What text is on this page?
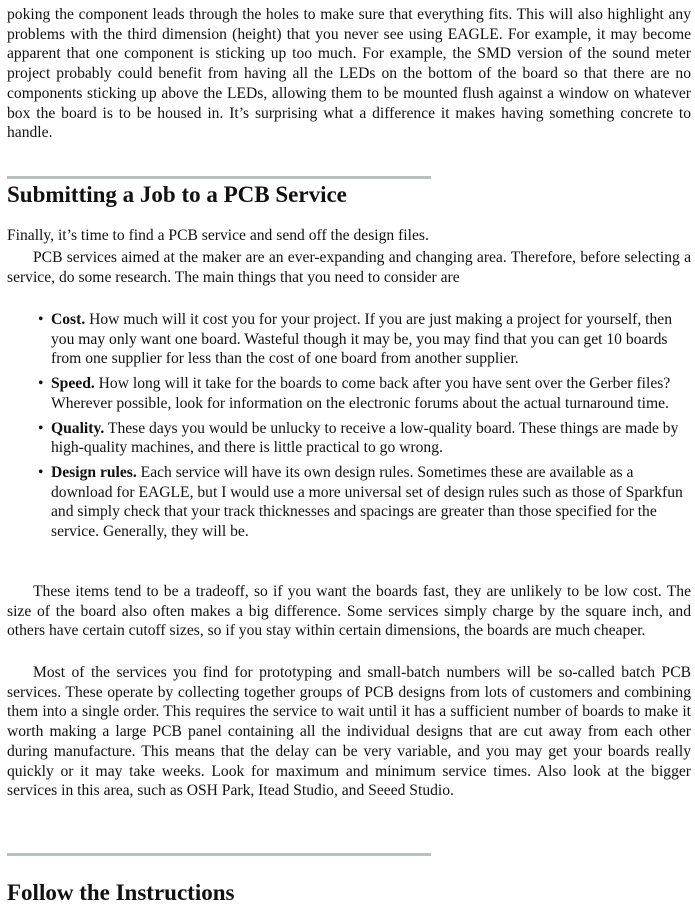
poking the component leads through the holes to make sure that everything fits. This will also highlight any problems with the third dimension (height) that you never see using EAGLE. For example, it may become apparent that one component is sticking up too much. For example, the SMD version of the sound meter project probably could benefit from having all the LEDs on the bottom of the board so that there are no components sticking up above the LEDs, allowing them to be mounted flush against a window on whatever box the board is to be housed in. It’s surprising what a difference it makes having something concrete to handle.

Submitting a Job to a PCB Service

Finally, it’s time to find a PCB service and send off the design files.

PCB services aimed at the maker are an ever-expanding and changing area. Therefore, before selecting a service, do some research. The main things that you need to consider are

• Cost. How much will it cost you for your project. If you are just making a project for yourself, then you may only want one board. Wasteful though it may be, you may find that you can get 10 boards from one supplier for less than the cost of one board from another supplier.
• Speed. How long will it take for the boards to come back after you have sent over the Gerber files? Wherever possible, look for information on the electronic forums about the actual turnaround time.
• Quality. These days you would be unlucky to receive a low-quality board. These things are made by high-quality machines, and there is little practical to go wrong.
• Design rules. Each service will have its own design rules. Sometimes these are available as a download for EAGLE, but I would use a more universal set of design rules such as those of Sparkfun and simply check that your track thicknesses and spacings are greater than those specified for the service. Generally, they will be.

These items tend to be a tradeoff, so if you want the boards fast, they are unlikely to be low cost. The size of the board also often makes a big difference. Some services simply charge by the square inch, and others have certain cutoff sizes, so if you stay within certain dimensions, the boards are much cheaper.

Most of the services you find for prototyping and small-batch numbers will be so-called batch PCB services. These operate by collecting together groups of PCB designs from lots of customers and combining them into a single order. This requires the service to wait until it has a sufficient number of boards to make it worth making a large PCB panel containing all the individual designs that are cut away from each other during manufacture. This means that the delay can be very variable, and you may get your boards really quickly or it may take weeks. Look for maximum and minimum service times. Also look at the bigger services in this area, such as OSH Park, Itead Studio, and Seeed Studio.

Follow the Instructions
